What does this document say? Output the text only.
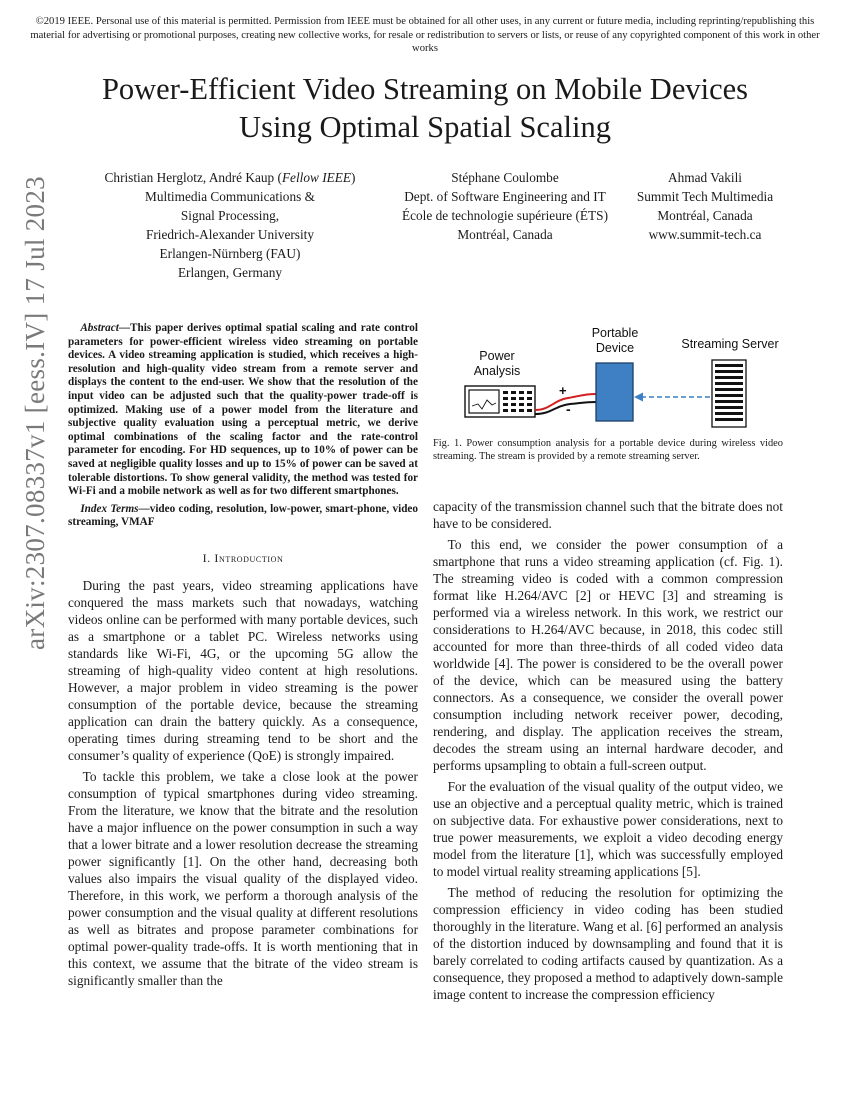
©2019 IEEE. Personal use of this material is permitted. Permission from IEEE must be obtained for all other uses, in any current or future media, including reprinting/republishing this material for advertising or promotional purposes, creating new collective works, for resale or redistribution to servers or lists, or reuse of any copyrighted component of this work in other works
Power-Efficient Video Streaming on Mobile Devices
Using Optimal Spatial Scaling
Christian Herglotz, André Kaup (Fellow IEEE)
Multimedia Communications &
Signal Processing,
Friedrich-Alexander University
Erlangen-Nürnberg (FAU)
Erlangen, Germany
Stéphane Coulombe
Dept. of Software Engineering and IT
École de technologie supérieure (ÉTS)
Montréal, Canada
Ahmad Vakili
Summit Tech Multimedia
Montréal, Canada
www.summit-tech.ca
arXiv:2307.08337v1 [eess.IV] 17 Jul 2023	Abstract—This paper derives optimal spatial scaling and rate control parameters for power-efficient wireless video streaming on portable devices. A video streaming application is studied, which receives a high-resolution and high-quality video stream from a remote server and displays the content to the end-user. We show that the resolution of the input video can be adjusted such that the quality-power trade-off is optimized. Making use of a power model from the literature and subjective quality evaluation using a perceptual metric, we derive optimal combinations of the scaling factor and the rate-control parameter for encoding. For HD sequences, up to 10% of power can be saved at negligible quality losses and up to 15% of power can be saved at tolerable distortions. To show general validity, the method was tested for Wi-Fi and a mobile network as well as for two different smartphones.

Index Terms—video coding, resolution, low-power, smart-phone, video streaming, VMAF

I. Introduction

During the past years, video streaming applications have conquered the mass markets such that nowadays, watching videos online can be performed with many portable devices, such as a smartphone or a tablet PC. Wireless networks using standards like Wi-Fi, 4G, or the upcoming 5G allow the streaming of high-quality video content at high resolutions. However, a major problem in video streaming is the power consumption of the portable device, because the streaming application can drain the battery quickly. As a consequence, operating times during streaming tend to be short and the consumer’s quality of experience (QoE) is strongly impaired.

To tackle this problem, we take a close look at the power consumption of typical smartphones during video streaming. From the literature, we know that the bitrate and the resolution have a major influence on the power consumption in such a way that a lower bitrate and a lower resolution decrease the streaming power significantly [1]. On the other hand, decreasing both values also impairs the visual quality of the displayed video. Therefore, in this work, we perform a thorough analysis of the power consumption and the visual quality at different resolutions as well as bitrates and propose parameter combinations for optimal power-quality trade-offs. It is worth mentioning that in this context, we assume that the bitrate of the video stream is significantly smaller than the

Power
Analysis
Portable
Device	Streaming Server
+
-
Fig. 1. Power consumption analysis for a portable device during wireless video streaming. The stream is provided by a remote streaming server.

capacity of the transmission channel such that the bitrate does not have to be considered.

To this end, we consider the power consumption of a smartphone that runs a video streaming application (cf. Fig. 1). The streaming video is coded with a common compression format like H.264/AVC [2] or HEVC [3] and streaming is performed via a wireless network. In this work, we restrict our considerations to H.264/AVC because, in 2018, this codec still accounted for more than three-thirds of all coded video data worldwide [4]. The power is considered to be the overall power of the device, which can be measured using the battery connectors. As a consequence, we consider the overall power consumption including network receiver power, decoding, rendering, and display. The application receives the stream, decodes the stream using an internal hardware decoder, and performs upsampling to obtain a full-screen output.

For the evaluation of the visual quality of the output video, we use an objective and a perceptual quality metric, which is trained on subjective data. For exhaustive power considerations, next to true power measurements, we exploit a video decoding energy model from the literature [1], which was successfully employed to model virtual reality streaming applications [5].

The method of reducing the resolution for optimizing the compression efficiency in video coding has been studied thoroughly in the literature. Wang et al. [6] performed an analysis of the distortion induced by downsampling and found that it is barely correlated to coding artifacts caused by quantization. As a consequence, they proposed a method to adaptively down-sample image content to increase the compression efficiency
